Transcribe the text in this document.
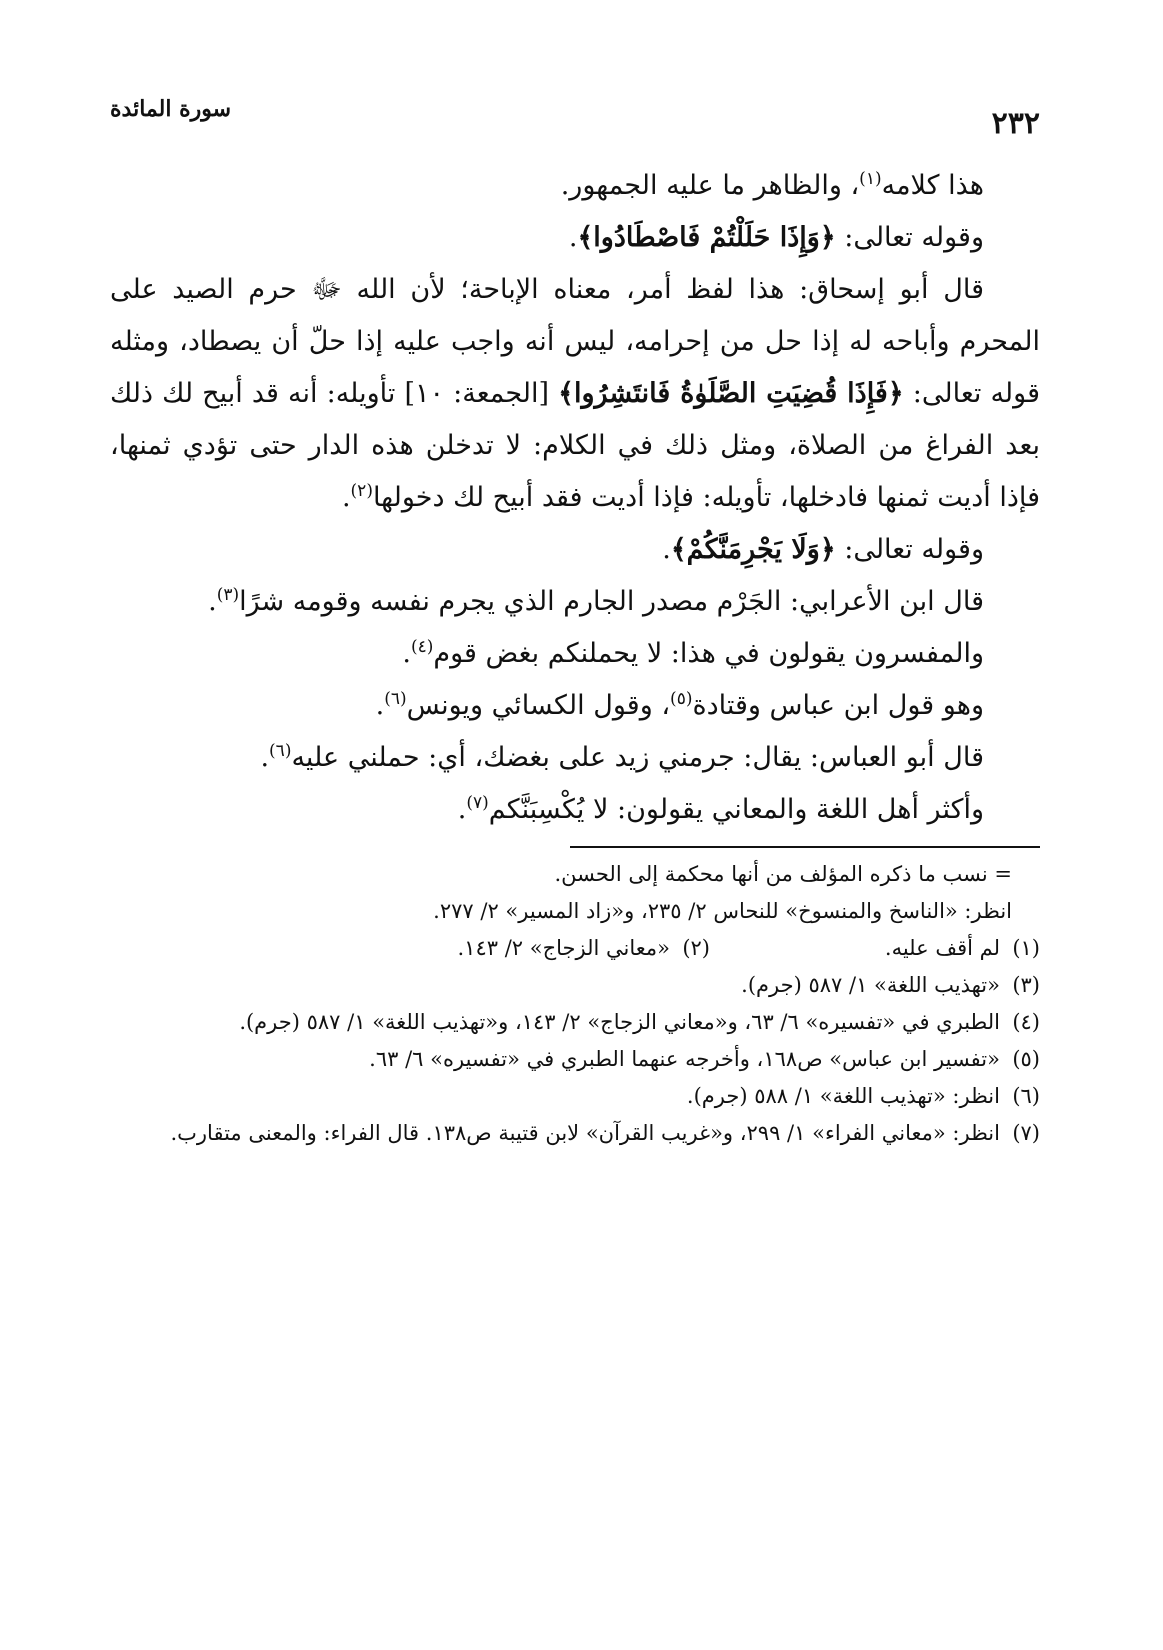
٢٣٢
سورة المائدة

هذا كلامه$^{(١)}$، والظاهر ما عليه الجمهور.

وقوله تعالى: ﴿وَإِذَا حَلَلْتُمْ فَاصْطَادُوا﴾.

قال أبو إسحاق: هذا لفظ أمر، معناه الإباحة؛ لأن الله ﷻ حرم الصيد على المحرم وأباحه له إذا حل من إحرامه، ليس أنه واجب عليه إذا حلّ أن يصطاد، ومثله قوله تعالى: ﴿فَإِذَا قُضِيَتِ الصَّلَوٰةُ فَانتَشِرُوا﴾ [الجمعة: ١٠] تأويله: أنه قد أبيح لك ذلك بعد الفراغ من الصلاة، ومثل ذلك في الكلام: لا تدخلن هذه الدار حتى تؤدي ثمنها، فإذا أديت ثمنها فادخلها، تأويله: فإذا أديت فقد أبيح لك دخولها$^{(٢)}$.

وقوله تعالى: ﴿وَلَا يَجْرِمَنَّكُمْ﴾.

قال ابن الأعرابي: الجَرْم مصدر الجارم الذي يجرم نفسه وقومه شرًا$^{(٣)}$.

والمفسرون يقولون في هذا: لا يحملنكم بغض قوم$^{(٤)}$.

وهو قول ابن عباس وقتادة$^{(٥)}$، وقول الكسائي ويونس$^{(٦)}$.

قال أبو العباس: يقال: جرمني زيد على بغضك، أي: حملني عليه$^{(٦)}$.

وأكثر أهل اللغة والمعاني يقولون: لا يُكْسِبَنَّكم$^{(٧)}$.

= نسب ما ذكره المؤلف من أنها محكمة إلى الحسن.

انظر: «الناسخ والمنسوخ» للنحاس ٢/ ٢٣٥، و«زاد المسير» ٢/ ٢٧٧.

(١)
لم أقف عليه.
(٢)
«معاني الزجاج» ٢/ ١٤٣.
(٣)
«تهذيب اللغة» ١/ ٥٨٧ (جرم).
(٤)
الطبري في «تفسيره» ٦/ ٦٣، و«معاني الزجاج» ٢/ ١٤٣، و«تهذيب اللغة» ١/ ٥٨٧ (جرم).
(٥)
«تفسير ابن عباس» ص١٦٨، وأخرجه عنهما الطبري في «تفسيره» ٦/ ٦٣.
(٦)
انظر: «تهذيب اللغة» ١/ ٥٨٨ (جرم).
(٧)
انظر: «معاني الفراء» ١/ ٢٩٩، و«غريب القرآن» لابن قتيبة ص١٣٨. قال الفراء: والمعنى متقارب.
